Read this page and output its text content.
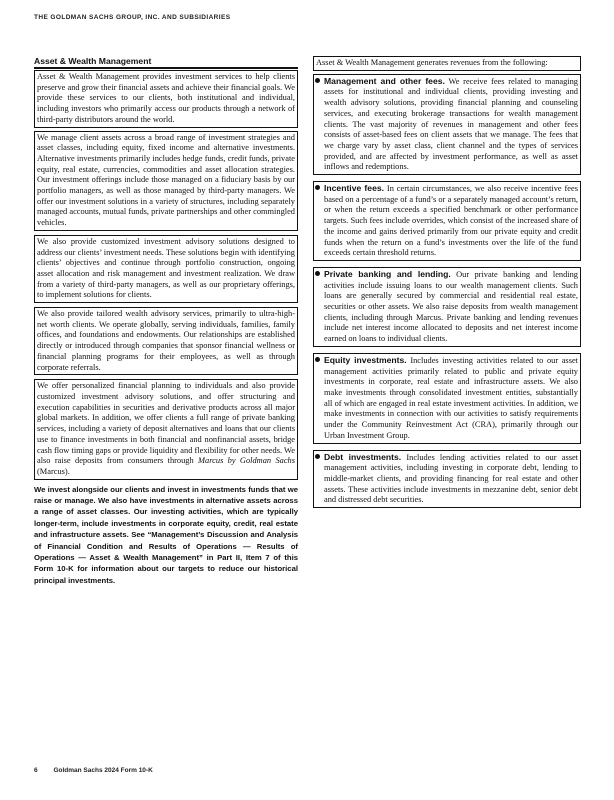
THE GOLDMAN SACHS GROUP, INC. AND SUBSIDIARIES
Asset & Wealth Management
Asset & Wealth Management provides investment services to help clients preserve and grow their financial assets and achieve their financial goals. We provide these services to our clients, both institutional and individual, including investors who primarily access our products through a network of third-party distributors around the world.
We manage client assets across a broad range of investment strategies and asset classes, including equity, fixed income and alternative investments. Alternative investments primarily includes hedge funds, credit funds, private equity, real estate, currencies, commodities and asset allocation strategies. Our investment offerings include those managed on a fiduciary basis by our portfolio managers, as well as those managed by third-party managers. We offer our investment solutions in a variety of structures, including separately managed accounts, mutual funds, private partnerships and other commingled vehicles.
We also provide customized investment advisory solutions designed to address our clients’ investment needs. These solutions begin with identifying clients’ objectives and continue through portfolio construction, ongoing asset allocation and risk management and investment realization. We draw from a variety of third-party managers, as well as our proprietary offerings, to implement solutions for clients.
We also provide tailored wealth advisory services, primarily to ultra-high-net worth clients. We operate globally, serving individuals, families, family offices, and foundations and endowments. Our relationships are established directly or introduced through companies that sponsor financial wellness or financial planning programs for their employees, as well as through corporate referrals.
We offer personalized financial planning to individuals and also provide customized investment advisory solutions, and offer structuring and execution capabilities in securities and derivative products across all major global markets. In addition, we offer clients a full range of private banking services, including a variety of deposit alternatives and loans that our clients use to finance investments in both financial and nonfinancial assets, bridge cash flow timing gaps or provide liquidity and flexibility for other needs. We also raise deposits from consumers through Marcus by Goldman Sachs (Marcus).
We invest alongside our clients and invest in investments funds that we raise or manage. We also have investments in alternative assets across a range of asset classes. Our investing activities, which are typically longer-term, include investments in corporate equity, credit, real estate and infrastructure assets. See “Management’s Discussion and Analysis of Financial Condition and Results of Operations — Results of Operations — Asset & Wealth Management” in Part II, Item 7 of this Form 10-K for information about our targets to reduce our historical principal investments.
Asset & Wealth Management generates revenues from the following:
Management and other fees. We receive fees related to managing assets for institutional and individual clients, providing investing and wealth advisory solutions, providing financial planning and counseling services, and executing brokerage transactions for wealth management clients. The vast majority of revenues in management and other fees consists of asset-based fees on client assets that we manage. The fees that we charge vary by asset class, client channel and the types of services provided, and are affected by investment performance, as well as asset inflows and redemptions.
Incentive fees. In certain circumstances, we also receive incentive fees based on a percentage of a fund’s or a separately managed account’s return, or when the return exceeds a specified benchmark or other performance targets. Such fees include overrides, which consist of the increased share of the income and gains derived primarily from our private equity and credit funds when the return on a fund’s investments over the life of the fund exceeds certain threshold returns.
Private banking and lending. Our private banking and lending activities include issuing loans to our wealth management clients. Such loans are generally secured by commercial and residential real estate, securities or other assets. We also raise deposits from wealth management clients, including through Marcus. Private banking and lending revenues include net interest income allocated to deposits and net interest income earned on loans to individual clients.
Equity investments. Includes investing activities related to our asset management activities primarily related to public and private equity investments in corporate, real estate and infrastructure assets. We also make investments through consolidated investment entities, substantially all of which are engaged in real estate investment activities. In addition, we make investments in connection with our activities to satisfy requirements under the Community Reinvestment Act (CRA), primarily through our Urban Investment Group.
Debt investments. Includes lending activities related to our asset management activities, including investing in corporate debt, lending to middle-market clients, and providing financing for real estate and other assets. These activities include investments in mezzanine debt, senior debt and distressed debt securities.
6 Goldman Sachs 2024 Form 10-K
